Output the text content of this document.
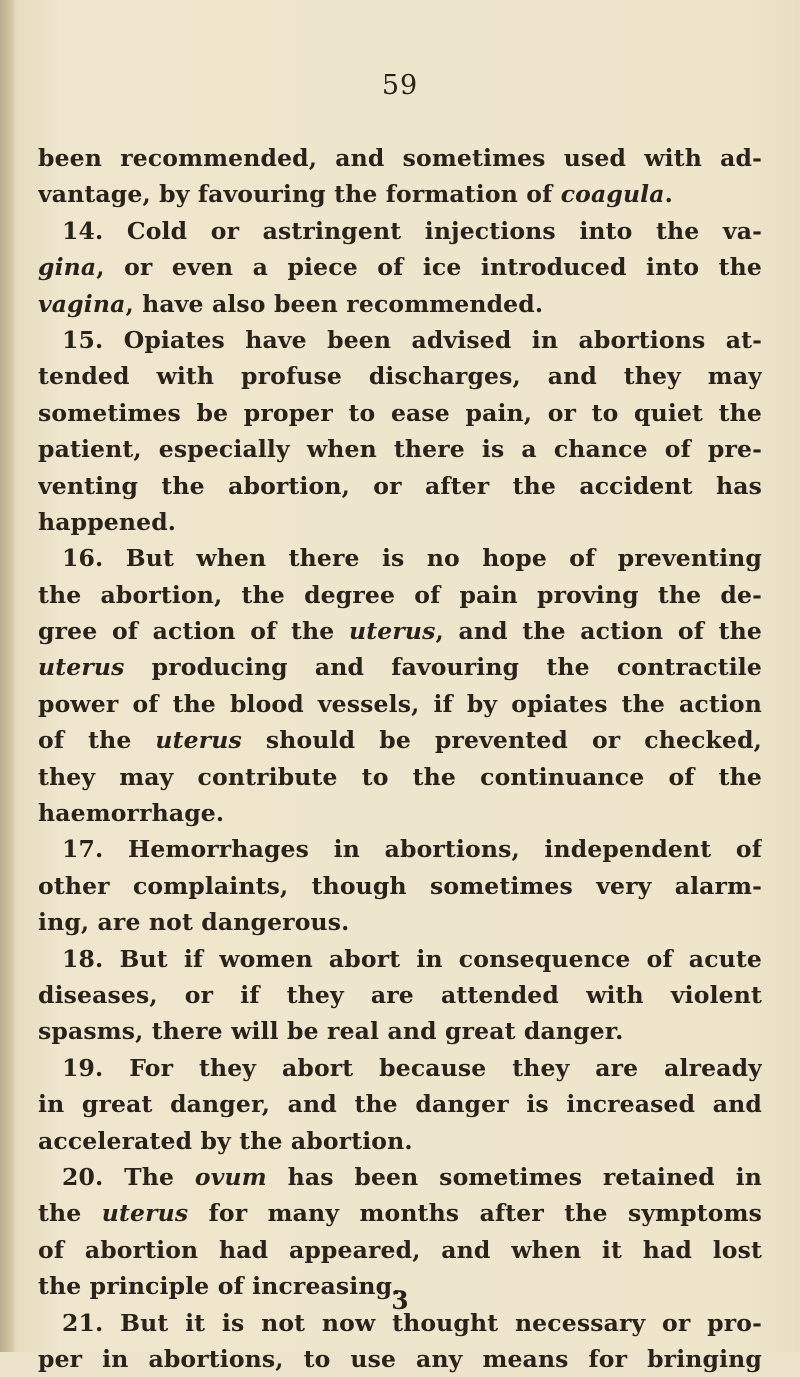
59
been recommended, and sometimes used with ad-
vantage, by favouring the formation of coagula.
14. Cold or astringent injections into the va-
gina, or even a piece of ice introduced into the
vagina, have also been recommended.
15. Opiates have been advised in abortions at-
tended with profuse discharges, and they may
sometimes be proper to ease pain, or to quiet the
patient, especially when there is a chance of pre-
venting the abortion, or after the accident has
happened.
16. But when there is no hope of preventing
the abortion, the degree of pain proving the de-
gree of action of the uterus, and the action of the
uterus producing and favouring the contractile
power of the blood vessels, if by opiates the action
of the uterus should be prevented or checked,
they may contribute to the continuance of the
haemorrhage.
17. Hemorrhages in abortions, independent of
other complaints, though sometimes very alarm-
ing, are not dangerous.
18. But if women abort in consequence of acute
diseases, or if they are attended with violent
spasms, there will be real and great danger.
19. For they abort because they are already
in great danger, and the danger is increased and
accelerated by the abortion.
20. The ovum has been sometimes retained in
the uterus for many months after the symptoms
of abortion had appeared, and when it had lost
the principle of increasing.
21. But it is not now thought necessary or pro-
per in abortions, to use any means for bringing
3
